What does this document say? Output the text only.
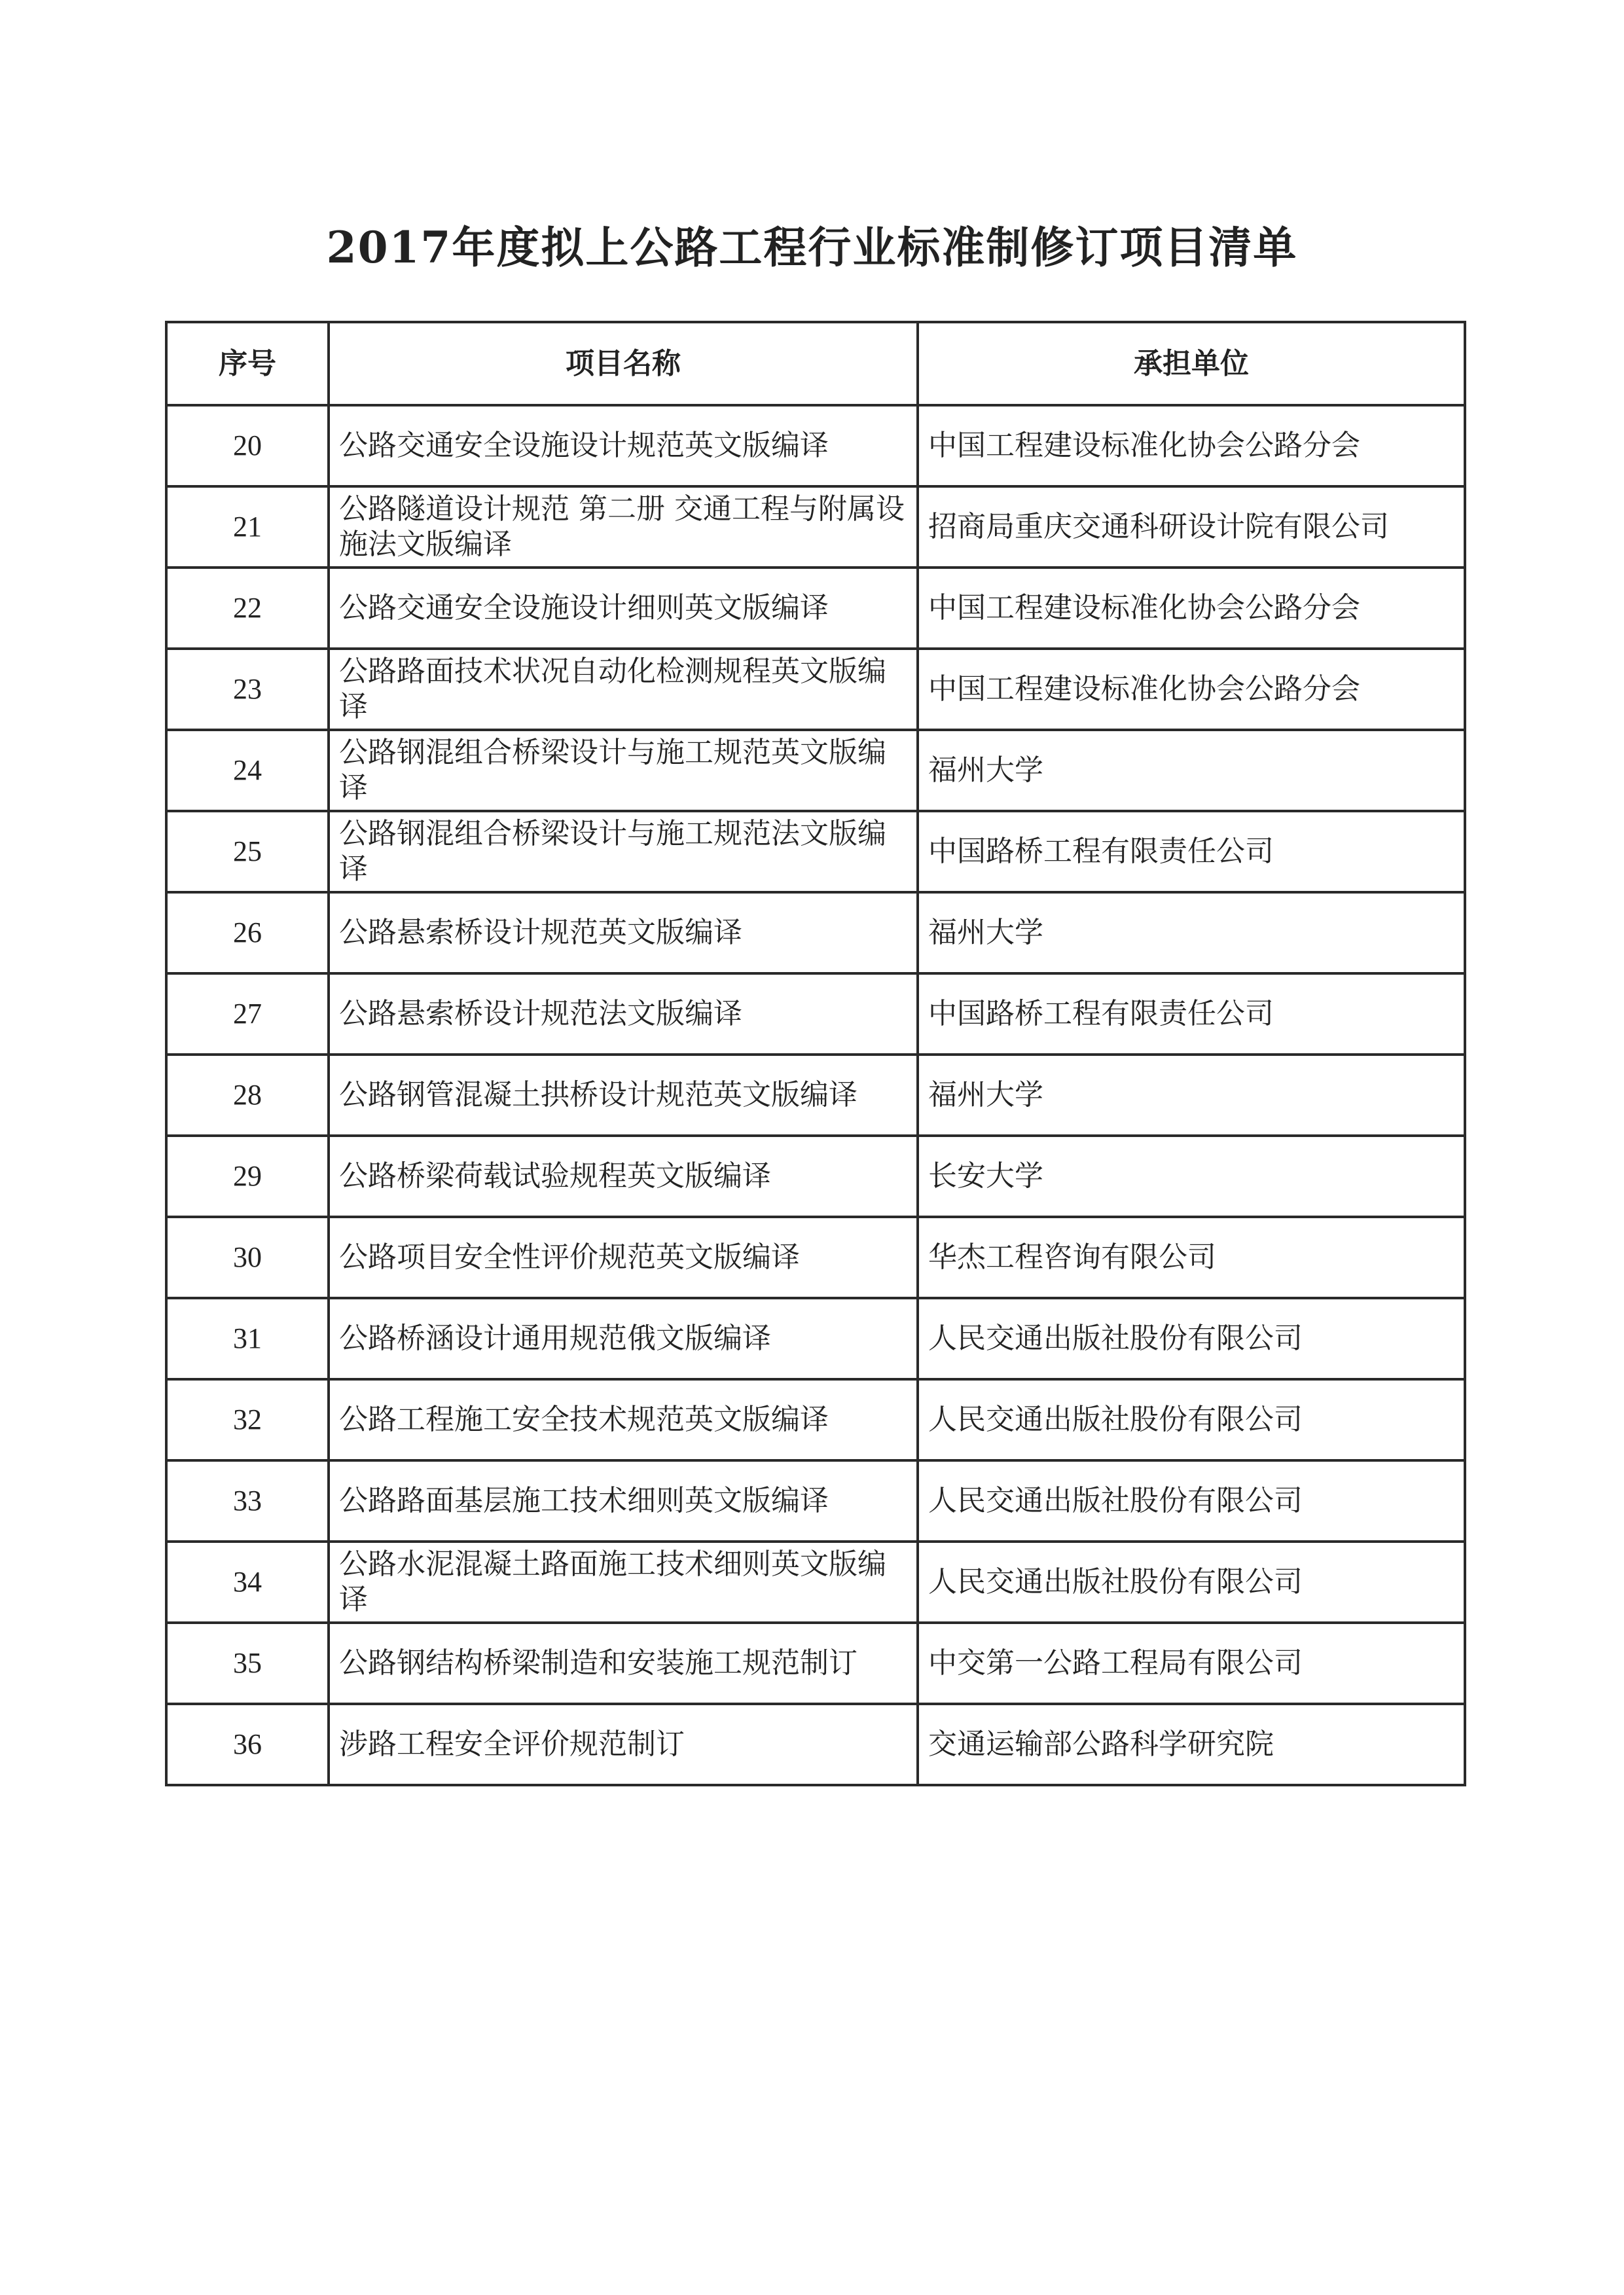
2017年度拟上公路工程行业标准制修订项目清单
序号	项目名称	承担单位
20	公路交通安全设施设计规范英文版编译	中国工程建设标准化协会公路分会
21	公路隧道设计规范 第二册 交通工程与附属设施法文版编译	招商局重庆交通科研设计院有限公司
22	公路交通安全设施设计细则英文版编译	中国工程建设标准化协会公路分会
23	公路路面技术状况自动化检测规程英文版编译	中国工程建设标准化协会公路分会
24	公路钢混组合桥梁设计与施工规范英文版编译	福州大学
25	公路钢混组合桥梁设计与施工规范法文版编译	中国路桥工程有限责任公司
26	公路悬索桥设计规范英文版编译	福州大学
27	公路悬索桥设计规范法文版编译	中国路桥工程有限责任公司
28	公路钢管混凝土拱桥设计规范英文版编译	福州大学
29	公路桥梁荷载试验规程英文版编译	长安大学
30	公路项目安全性评价规范英文版编译	华杰工程咨询有限公司
31	公路桥涵设计通用规范俄文版编译	人民交通出版社股份有限公司
32	公路工程施工安全技术规范英文版编译	人民交通出版社股份有限公司
33	公路路面基层施工技术细则英文版编译	人民交通出版社股份有限公司
34	公路水泥混凝土路面施工技术细则英文版编译	人民交通出版社股份有限公司
35	公路钢结构桥梁制造和安装施工规范制订	中交第一公路工程局有限公司
36	涉路工程安全评价规范制订	交通运输部公路科学研究院
